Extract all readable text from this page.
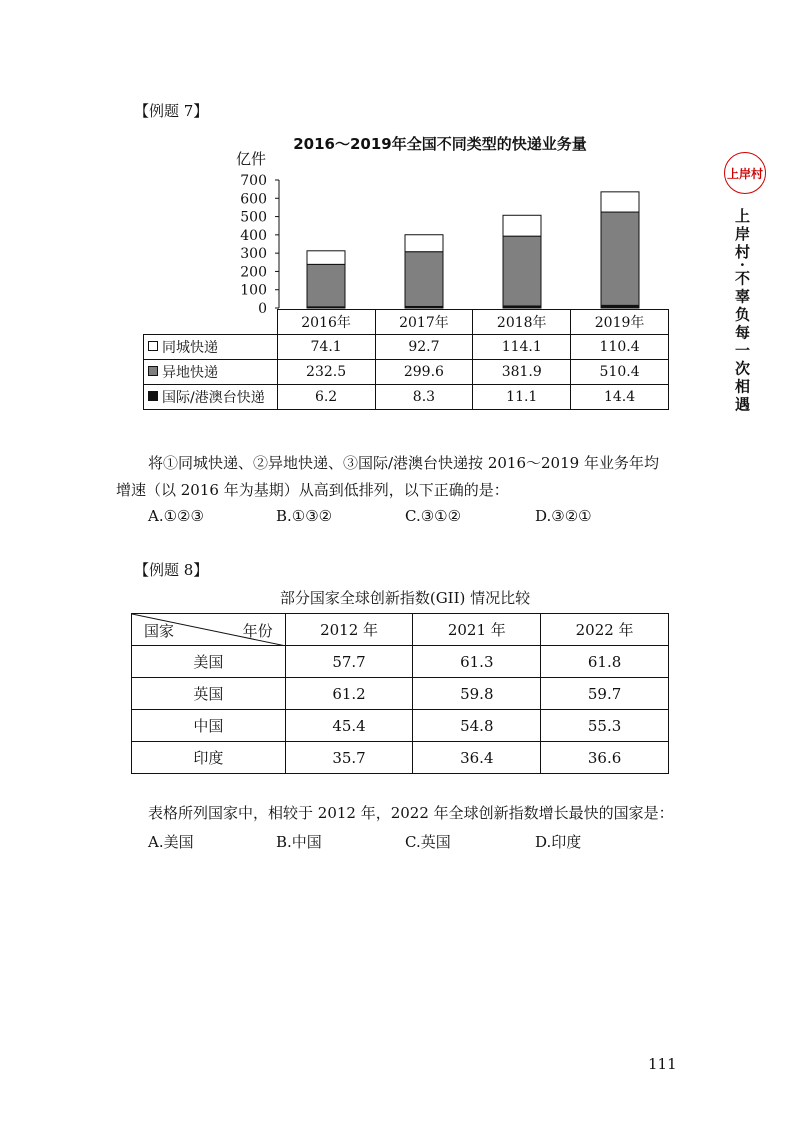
【例题 7】
2016～2019年全国不同类型的快递业务量
亿件
0
100
200
300
400
500
600
700
	2016年	2017年	2018年	2019年
同城快递	74.1	92.7	114.1	110.4
异地快递	232.5	299.6	381.9	510.4
国际/港澳台快递	6.2	8.3	11.1	14.4
将①同城快递、②异地快递、③国际/港澳台快递按 2016～2019 年业务年均
增速（以 2016 年为基期）从高到低排列，以下正确的是：
A.①②③	B.①③②	C.③①②	D.③②①
【例题 8】
部分国家全球创新指数(GII) 情况比较
国家 年份	2012 年	2021 年	2022 年
美国	57.7	61.3	61.8
英国	61.2	59.8	59.7
中国	45.4	54.8	55.3
印度	35.7	36.4	36.6
表格所列国家中，相较于 2012 年，2022 年全球创新指数增长最快的国家是：
A.美国	B.中国	C.英国	D.印度
上岸村
上岸村·不辜负每一次相遇
111
